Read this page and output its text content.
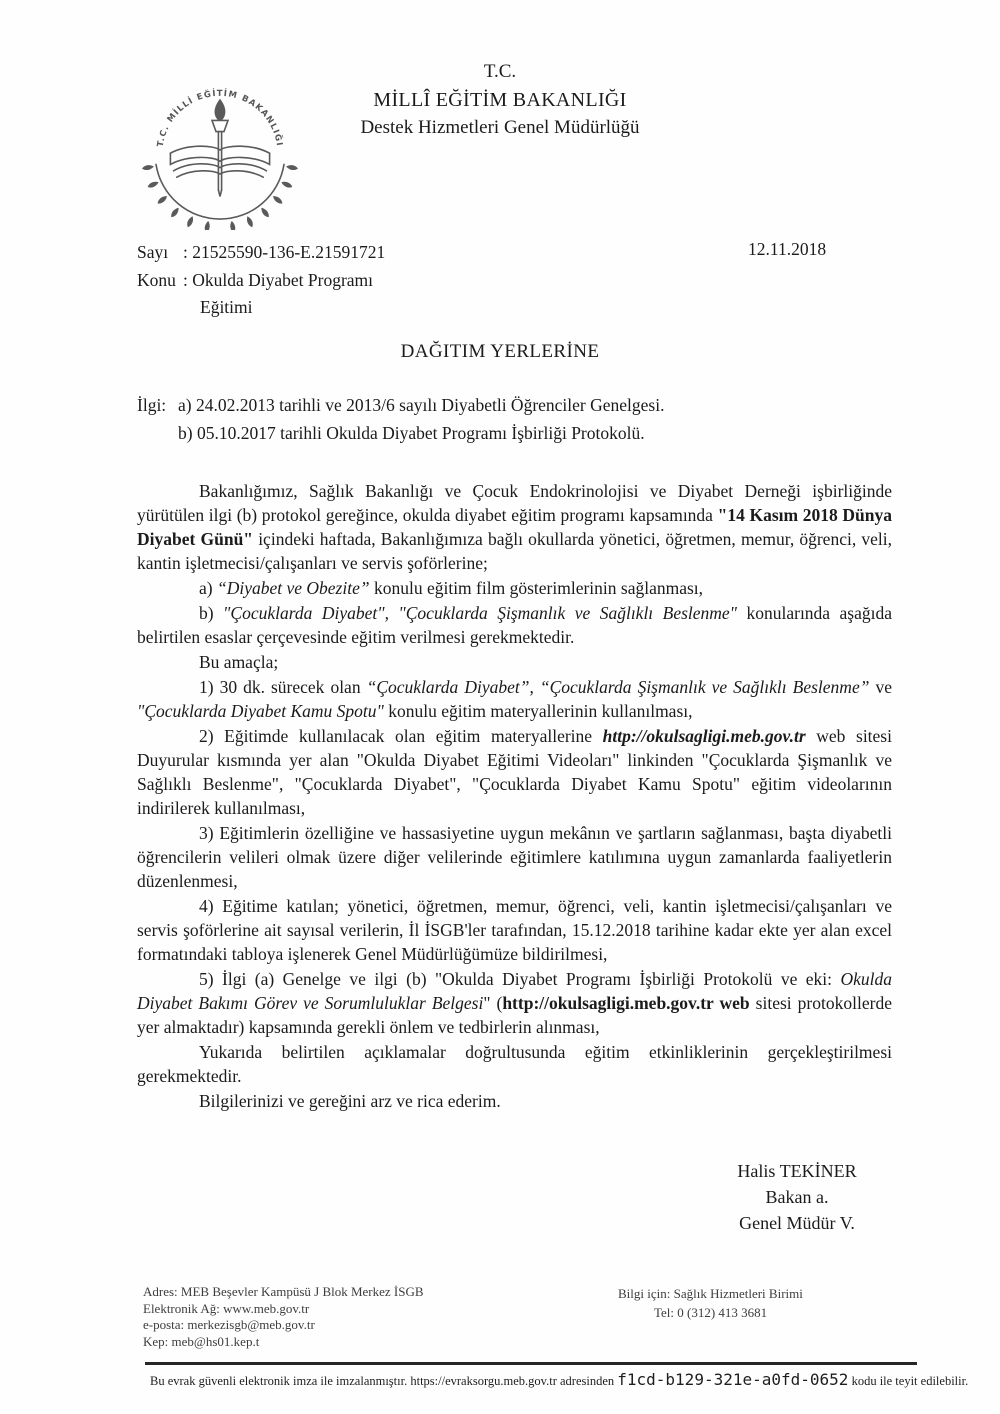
T.C. MİLLİ EĞİTİM BAKANLIĞI
T.C.
MİLLÎ EĞİTİM BAKANLIĞI
Destek Hizmetleri Genel Müdürlüğü
Sayı : 21525590-136-E.21591721
Konu : Okulda Diyabet Programı
Eğitimi
12.11.2018
DAĞITIM YERLERİNE
İlgi: a) 24.02.2013 tarihli ve 2013/6 sayılı Diyabetli Öğrenciler Genelgesi.
b) 05.10.2017 tarihli Okulda Diyabet Programı İşbirliği Protokolü.

Bakanlığımız, Sağlık Bakanlığı ve Çocuk Endokrinolojisi ve Diyabet Derneği işbirliğinde yürütülen ilgi (b) protokol gereğince, okulda diyabet eğitim programı kapsamında "14 Kasım 2018 Dünya Diyabet Günü" içindeki haftada, Bakanlığımıza bağlı okullarda yönetici, öğretmen, memur, öğrenci, veli, kantin işletmecisi/çalışanları ve servis şoförlerine;

a) “Diyabet ve Obezite” konulu eğitim film gösterimlerinin sağlanması,

b) "Çocuklarda Diyabet", "Çocuklarda Şişmanlık ve Sağlıklı Beslenme" konularında aşağıda belirtilen esaslar çerçevesinde eğitim verilmesi gerekmektedir.

Bu amaçla;

1) 30 dk. sürecek olan “Çocuklarda Diyabet”, “Çocuklarda Şişmanlık ve Sağlıklı Beslenme” ve "Çocuklarda Diyabet Kamu Spotu" konulu eğitim materyallerinin kullanılması,

2) Eğitimde kullanılacak olan eğitim materyallerine http://okulsagligi.meb.gov.tr web sitesi Duyurular kısmında yer alan "Okulda Diyabet Eğitimi Videoları" linkinden "Çocuklarda Şişmanlık ve Sağlıklı Beslenme", "Çocuklarda Diyabet", "Çocuklarda Diyabet Kamu Spotu" eğitim videolarının indirilerek kullanılması,

3) Eğitimlerin özelliğine ve hassasiyetine uygun mekânın ve şartların sağlanması, başta diyabetli öğrencilerin velileri olmak üzere diğer velilerinde eğitimlere katılımına uygun zamanlarda faaliyetlerin düzenlenmesi,

4) Eğitime katılan; yönetici, öğretmen, memur, öğrenci, veli, kantin işletmecisi/çalışanları ve servis şoförlerine ait sayısal verilerin, İl İSGB'ler tarafından, 15.12.2018 tarihine kadar ekte yer alan excel formatındaki tabloya işlenerek Genel Müdürlüğümüze bildirilmesi,

5) İlgi (a) Genelge ve ilgi (b) "Okulda Diyabet Programı İşbirliği Protokolü ve eki: Okulda Diyabet Bakımı Görev ve Sorumluluklar Belgesi" (http://okulsagligi.meb.gov.tr web sitesi protokollerde yer almaktadır) kapsamında gerekli önlem ve tedbirlerin alınması,

Yukarıda belirtilen açıklamalar doğrultusunda eğitim etkinliklerinin gerçekleştirilmesi gerekmektedir.

Bilgilerinizi ve gereğini arz ve rica ederim.

Halis TEKİNER
Bakan a.
Genel Müdür V.
Adres: MEB Beşevler Kampüsü J Blok Merkez İSGB
Elektronik Ağ: www.meb.gov.tr
e-posta: merkezisgb@meb.gov.tr
Kep: meb@hs01.kep.t
Bilgi için: Sağlık Hizmetleri Birimi
Tel: 0 (312) 413 3681
Bu evrak güvenli elektronik imza ile imzalanmıştır. https://evraksorgu.meb.gov.tr adresinden f1cd-b129-321e-a0fd-0652 kodu ile teyit edilebilir.
